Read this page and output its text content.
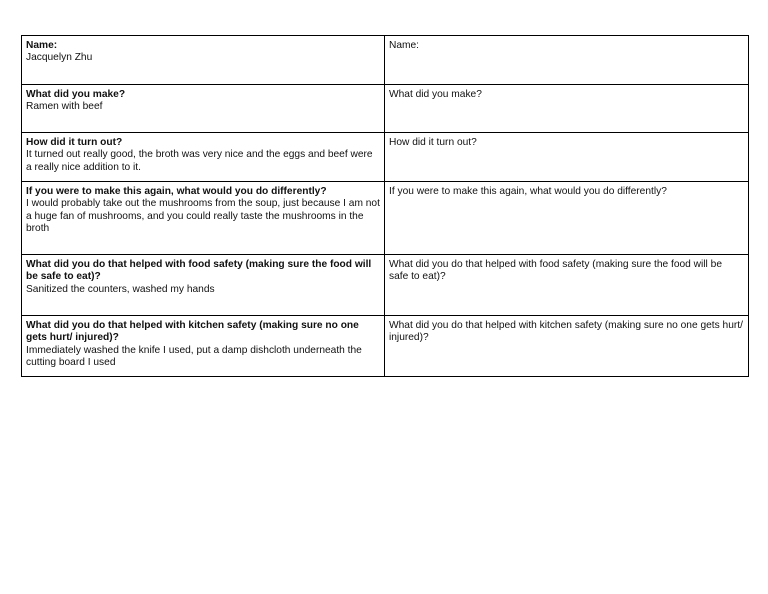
Name:
Jacquelyn Zhu	Name:

What did you make?
Ramen with beef	What did you make?

How did it turn out?
It turned out really good, the broth was very nice and the eggs and beef were a really nice addition to it.	How did it turn out?

If you were to make this again, what would you do differently?
I would probably take out the mushrooms from the soup, just because I am not a huge fan of mushrooms, and you could really taste the mushrooms in the broth	If you were to make this again, what would you do differently?

What did you do that helped with food safety (making sure the food will be safe to eat)?
Sanitized the counters, washed my hands	What did you do that helped with food safety (making sure the food will be safe to eat)?

What did you do that helped with kitchen safety (making sure no one gets hurt/ injured)?
Immediately washed the knife I used, put a damp dishcloth underneath the cutting board I used	What did you do that helped with kitchen safety (making sure no one gets hurt/ injured)?
